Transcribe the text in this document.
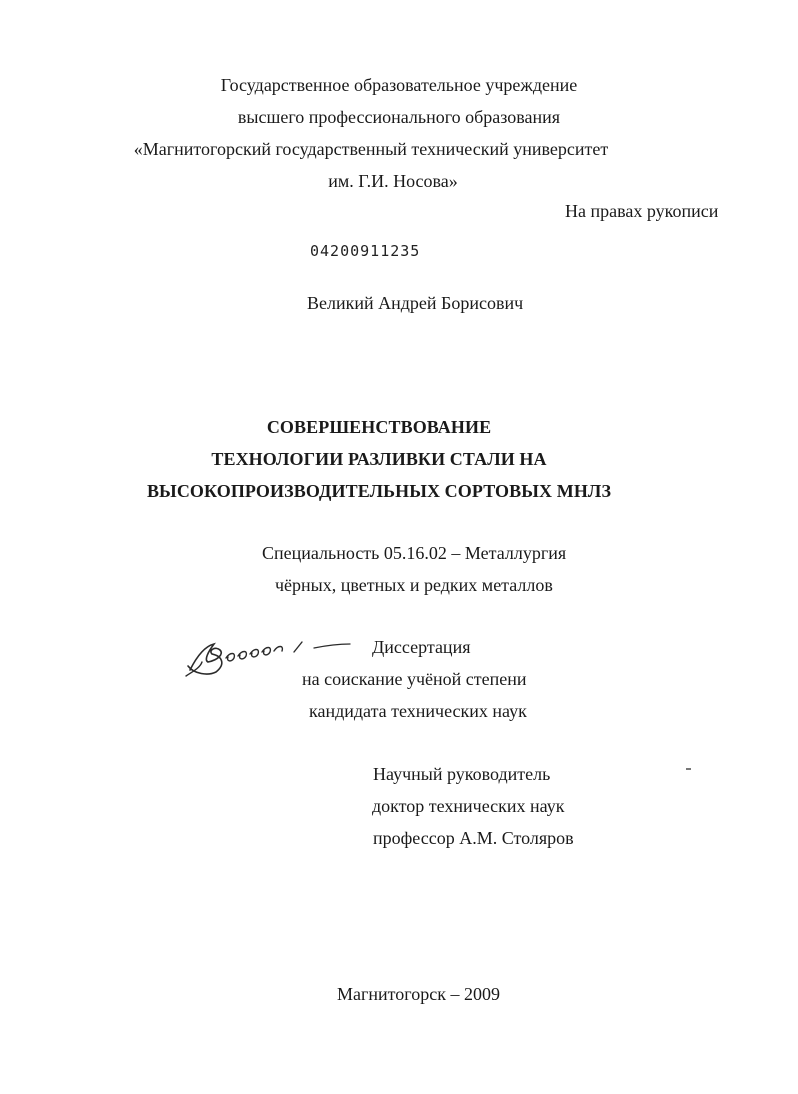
Государственное образовательное учреждение
высшего профессионального образования
«Магнитогорский государственный технический университет
им. Г.И. Носова»
На правах рукописи
04200911235
Великий Андрей Борисович
СОВЕРШЕНСТВОВАНИЕ
ТЕХНОЛОГИИ РАЗЛИВКИ СТАЛИ НА
ВЫСОКОПРОИЗВОДИТЕЛЬНЫХ СОРТОВЫХ МНЛЗ
Специальность 05.16.02 – Металлургия
чёрных, цветных и редких металлов
Диссертация
на соискание учёной степени
кандидата технических наук
Научный руководитель
доктор технических наук
профессор А.М. Столяров
Магнитогорск – 2009
